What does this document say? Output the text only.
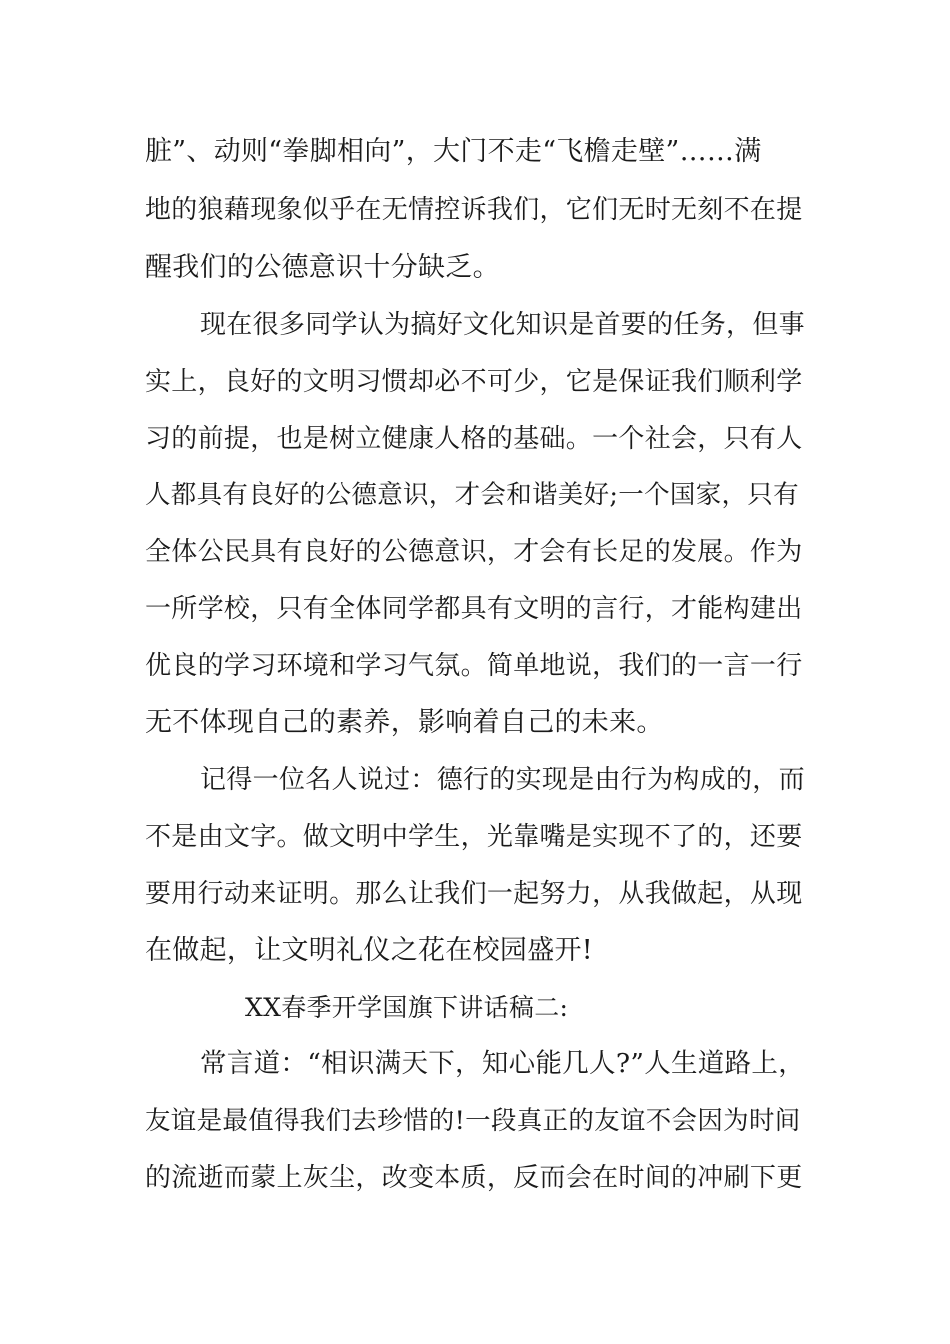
脏”、动则“拳脚相向”，大门不走“飞檐走壁”……满
地的狼藉现象似乎在无情控诉我们，它们无时无刻不在提
醒我们的公德意识十分缺乏。
现在很多同学认为搞好文化知识是首要的任务，但事
实上，良好的文明习惯却必不可少，它是保证我们顺利学
习的前提，也是树立健康人格的基础。一个社会，只有人
人都具有良好的公德意识，才会和谐美好;一个国家，只有
全体公民具有良好的公德意识，才会有长足的发展。作为
一所学校，只有全体同学都具有文明的言行，才能构建出
优良的学习环境和学习气氛。简单地说，我们的一言一行
无不体现自己的素养，影响着自己的未来。
记得一位名人说过：德行的实现是由行为构成的，而
不是由文字。做文明中学生，光靠嘴是实现不了的，还要
要用行动来证明。那么让我们一起努力，从我做起，从现
在做起，让文明礼仪之花在校园盛开!
XX春季开学国旗下讲话稿二:
常言道：“相识满天下，知心能几人?”人生道路上，
友谊是最值得我们去珍惜的!一段真正的友谊不会因为时间
的流逝而蒙上灰尘，改变本质，反而会在时间的冲刷下更
